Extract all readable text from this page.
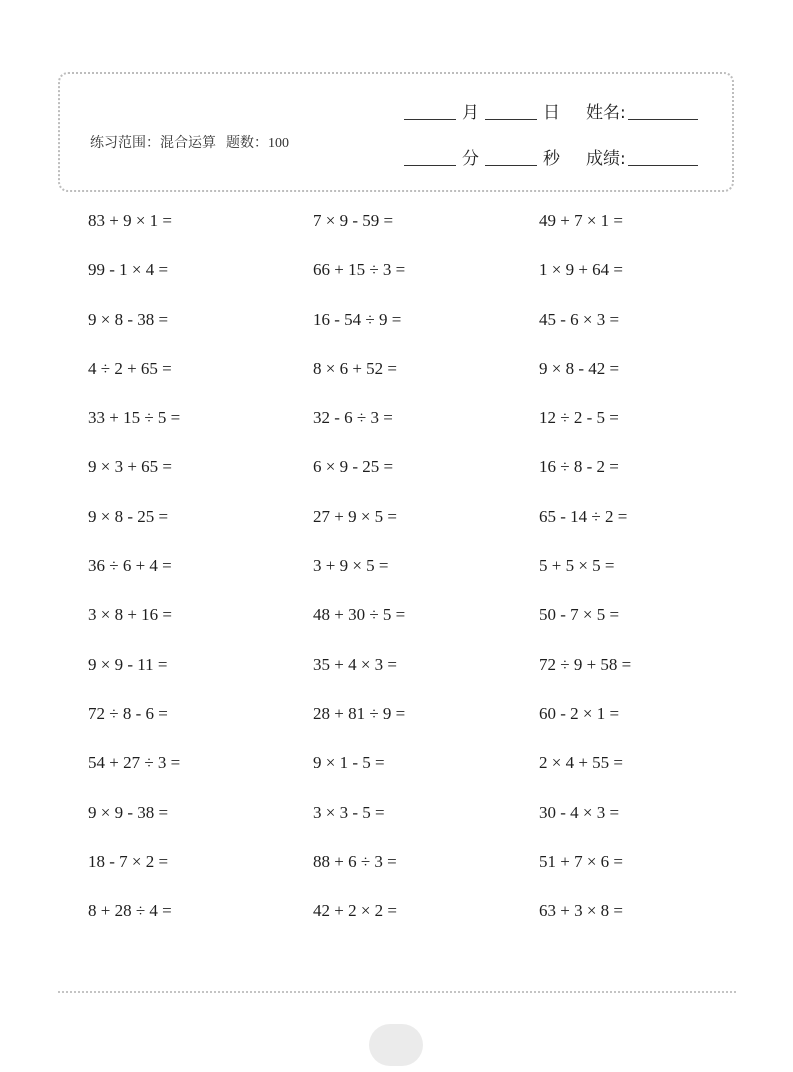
练习范围：混合运算 题数：100
月	日	姓名:
分	秒	成绩:
83 + 9 × 1 =	7 × 9 - 59 =	49 + 7 × 1 =
99 - 1 × 4 =	66 + 15 ÷ 3 =	1 × 9 + 64 =
9 × 8 - 38 =	16 - 54 ÷ 9 =	45 - 6 × 3 =
4 ÷ 2 + 65 =	8 × 6 + 52 =	9 × 8 - 42 =
33 + 15 ÷ 5 =	32 - 6 ÷ 3 =	12 ÷ 2 - 5 =
9 × 3 + 65 =	6 × 9 - 25 =	16 ÷ 8 - 2 =
9 × 8 - 25 =	27 + 9 × 5 =	65 - 14 ÷ 2 =
36 ÷ 6 + 4 =	3 + 9 × 5 =	5 + 5 × 5 =
3 × 8 + 16 =	48 + 30 ÷ 5 =	50 - 7 × 5 =
9 × 9 - 11 =	35 + 4 × 3 =	72 ÷ 9 + 58 =
72 ÷ 8 - 6 =	28 + 81 ÷ 9 =	60 - 2 × 1 =
54 + 27 ÷ 3 =	9 × 1 - 5 =	2 × 4 + 55 =
9 × 9 - 38 =	3 × 3 - 5 =	30 - 4 × 3 =
18 - 7 × 2 =	88 + 6 ÷ 3 =	51 + 7 × 6 =
8 + 28 ÷ 4 =	42 + 2 × 2 =	63 + 3 × 8 =
